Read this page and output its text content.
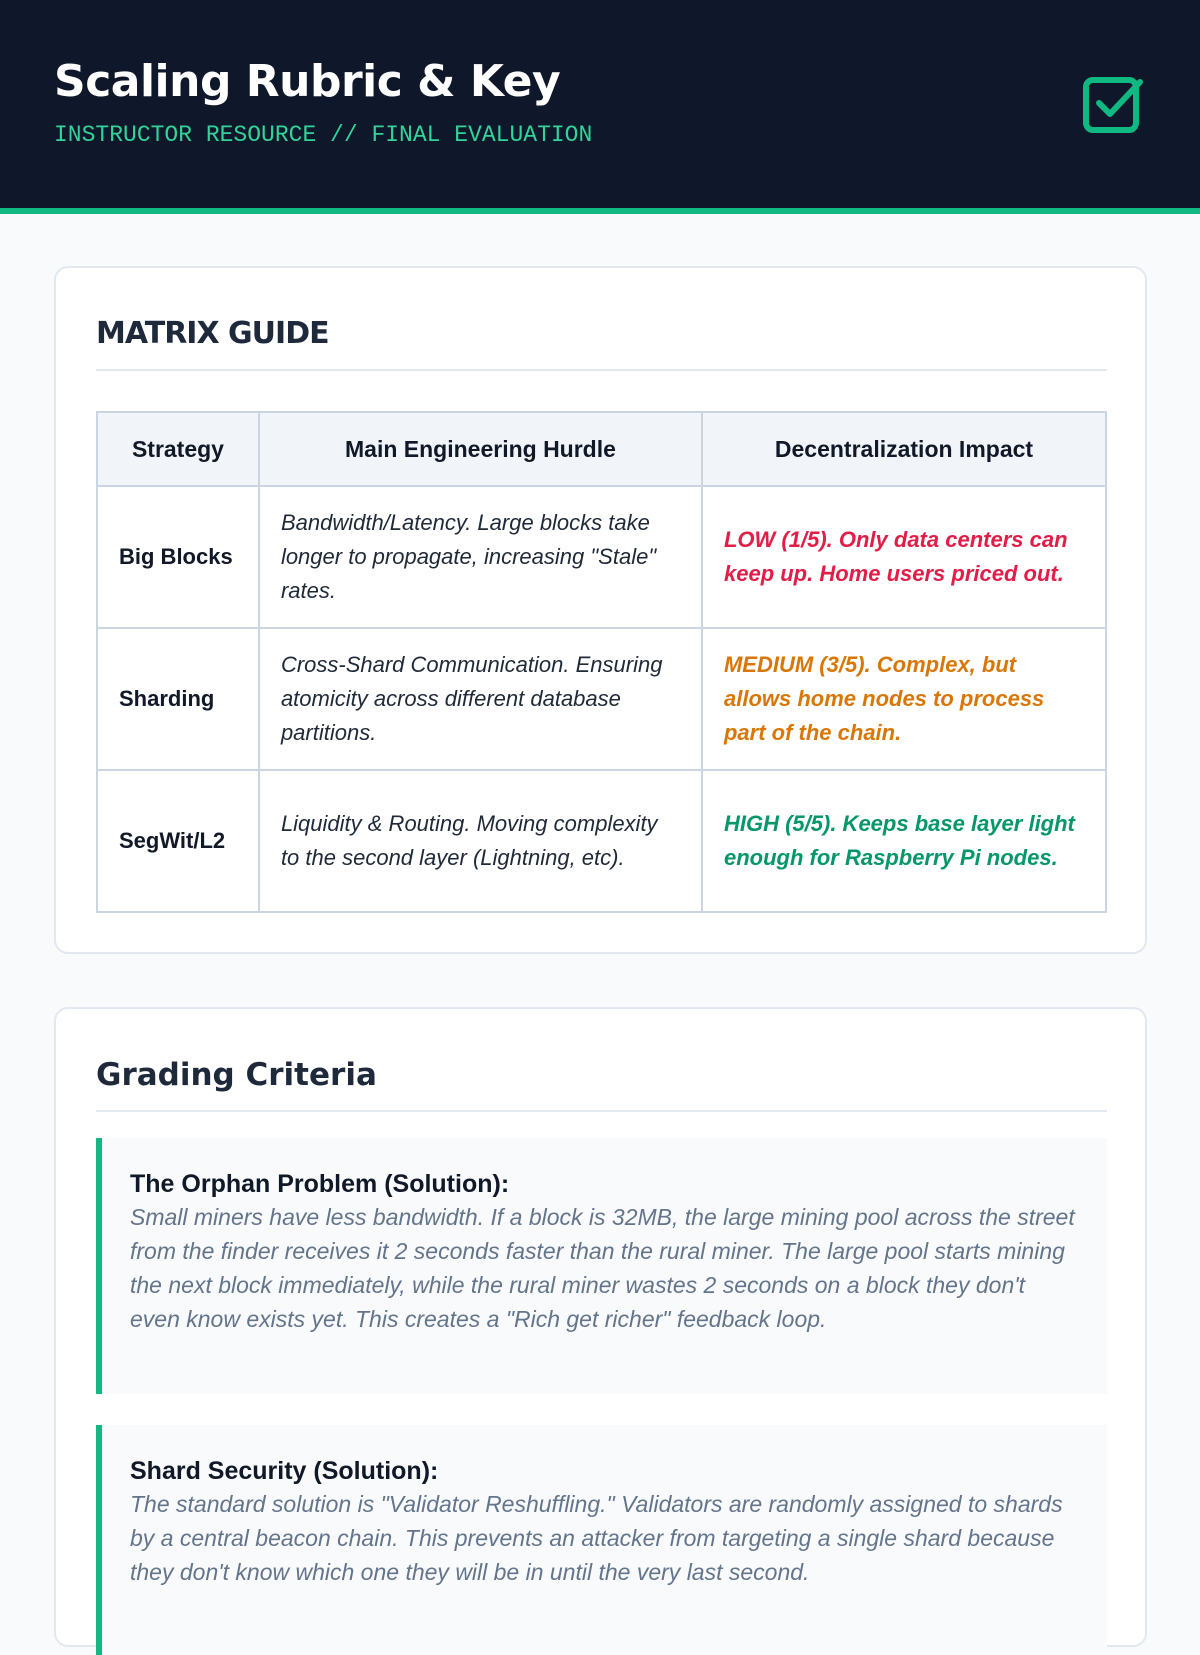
Scaling Rubric & Key
INSTRUCTOR RESOURCE // FINAL EVALUATION
MATRIX GUIDE
Strategy	Main Engineering Hurdle	Decentralization Impact
Big Blocks	Bandwidth/Latency. Large blocks take longer to propagate, increasing "Stale" rates.	LOW (1/5). Only data centers can keep up. Home users priced out.
Sharding	Cross-Shard Communication. Ensuring atomicity across different database partitions.	MEDIUM (3/5). Complex, but allows home nodes to process part of the chain.
SegWit/L2	Liquidity & Routing. Moving complexity to the second layer (Lightning, etc).	HIGH (5/5). Keeps base layer light enough for Raspberry Pi nodes.
Grading Criteria
The Orphan Problem (Solution):
Small miners have less bandwidth. If a block is 32MB, the large mining pool across the street from the finder receives it 2 seconds faster than the rural miner. The large pool starts mining the next block immediately, while the rural miner wastes 2 seconds on a block they don't even know exists yet. This creates a "Rich get richer" feedback loop.
Shard Security (Solution):
The standard solution is "Validator Reshuffling." Validators are randomly assigned to shards by a central beacon chain. This prevents an attacker from targeting a single shard because they don't know which one they will be in until the very last second.
